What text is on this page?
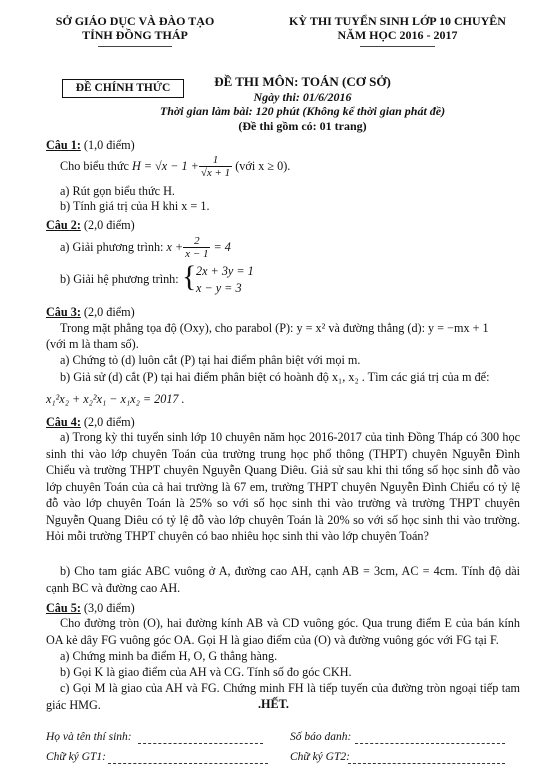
SỞ GIÁO DỤC VÀ ĐÀO TẠO
TỈNH ĐỒNG THÁP
KỲ THI TUYỂN SINH LỚP 10 CHUYÊN
NĂM HỌC 2016 - 2017
ĐỀ CHÍNH THỨC	ĐỀ THI MÔN: TOÁN (CƠ SỞ)
Ngày thi: 01/6/2016
Thời gian làm bài: 120 phút (Không kể thời gian phát đề)
(Đề thi gồm có: 01 trang)
Câu 1: (1,0 điểm)
Cho biểu thức
$H = √x - 1 + \frac{1}{√x + 1}$
(với x ≥ 0).
a) Rút gọn biểu thức H.
b) Tính giá trị của H khi x = 1.
Câu 2: (2,0 điểm)
a) Giải phương trình:
$x + \frac{2}{x - 1}$
= 4
b) Giải hệ phương trình: { 2x + 3y = 1
x − y = 3
Câu 3: (2,0 điểm)
Trong mặt phẳng tọa độ (Oxy), cho parabol (P): y = x² và đường thẳng (d): y = −mx + 1
(với m là tham số).
a) Chứng tỏ (d) luôn cắt (P) tại hai điểm phân biệt với mọi m.
b) Giả sử (d) cắt (P) tại hai điểm phân biệt có hoành độ x₁, x₂ . Tìm các giá trị của m để:
x₁²x₂ + x₂²x₁ − x₁x₂ = 2017 .
Câu 4: (2,0 điểm)
a) Trong kỳ thi tuyển sinh lớp 10 chuyên năm học 2016-2017 của tỉnh Đồng Tháp có 300 học sinh thi vào lớp chuyên Toán của trường trung học phổ thông (THPT) chuyên Nguyễn Đình Chiểu và trường THPT chuyên Nguyễn Quang Diêu. Giả sử sau khi thi tổng số học sinh đỗ vào lớp chuyên Toán của cả hai trường là 67 em, trường THPT chuyên Nguyễn Đình Chiểu có tỷ lệ đỗ vào lớp chuyên Toán là 25% so với số học sinh thi vào trường và trường THPT chuyên Nguyễn Quang Diêu có tỷ lệ đỗ vào lớp chuyên Toán là 20% so với số học sinh thi vào trường. Hỏi mỗi trường THPT chuyên có bao nhiêu học sinh thi vào lớp chuyên Toán?
b) Cho tam giác ABC vuông ở A, đường cao AH, cạnh AB = 3cm, AC = 4cm. Tính độ dài cạnh BC và đường cao AH.
Câu 5: (3,0 điểm)
Cho đường tròn (O), hai đường kính AB và CD vuông góc. Qua trung điểm E của bán kính OA kẻ dây FG vuông góc OA. Gọi H là giao điểm của (O) và đường vuông góc với FG tại F.
a) Chứng minh ba điểm H, O, G thẳng hàng.
b) Gọi K là giao điểm của AH và CG. Tính số đo góc CKH.
c) Gọi M là giao của AH và FG. Chứng minh FH là tiếp tuyến của đường tròn ngoại tiếp tam giác HMG.	.HẾT.
Họ và tên thí sinh:	Số báo danh:
Chữ ký GT1:	Chữ ký GT2:
